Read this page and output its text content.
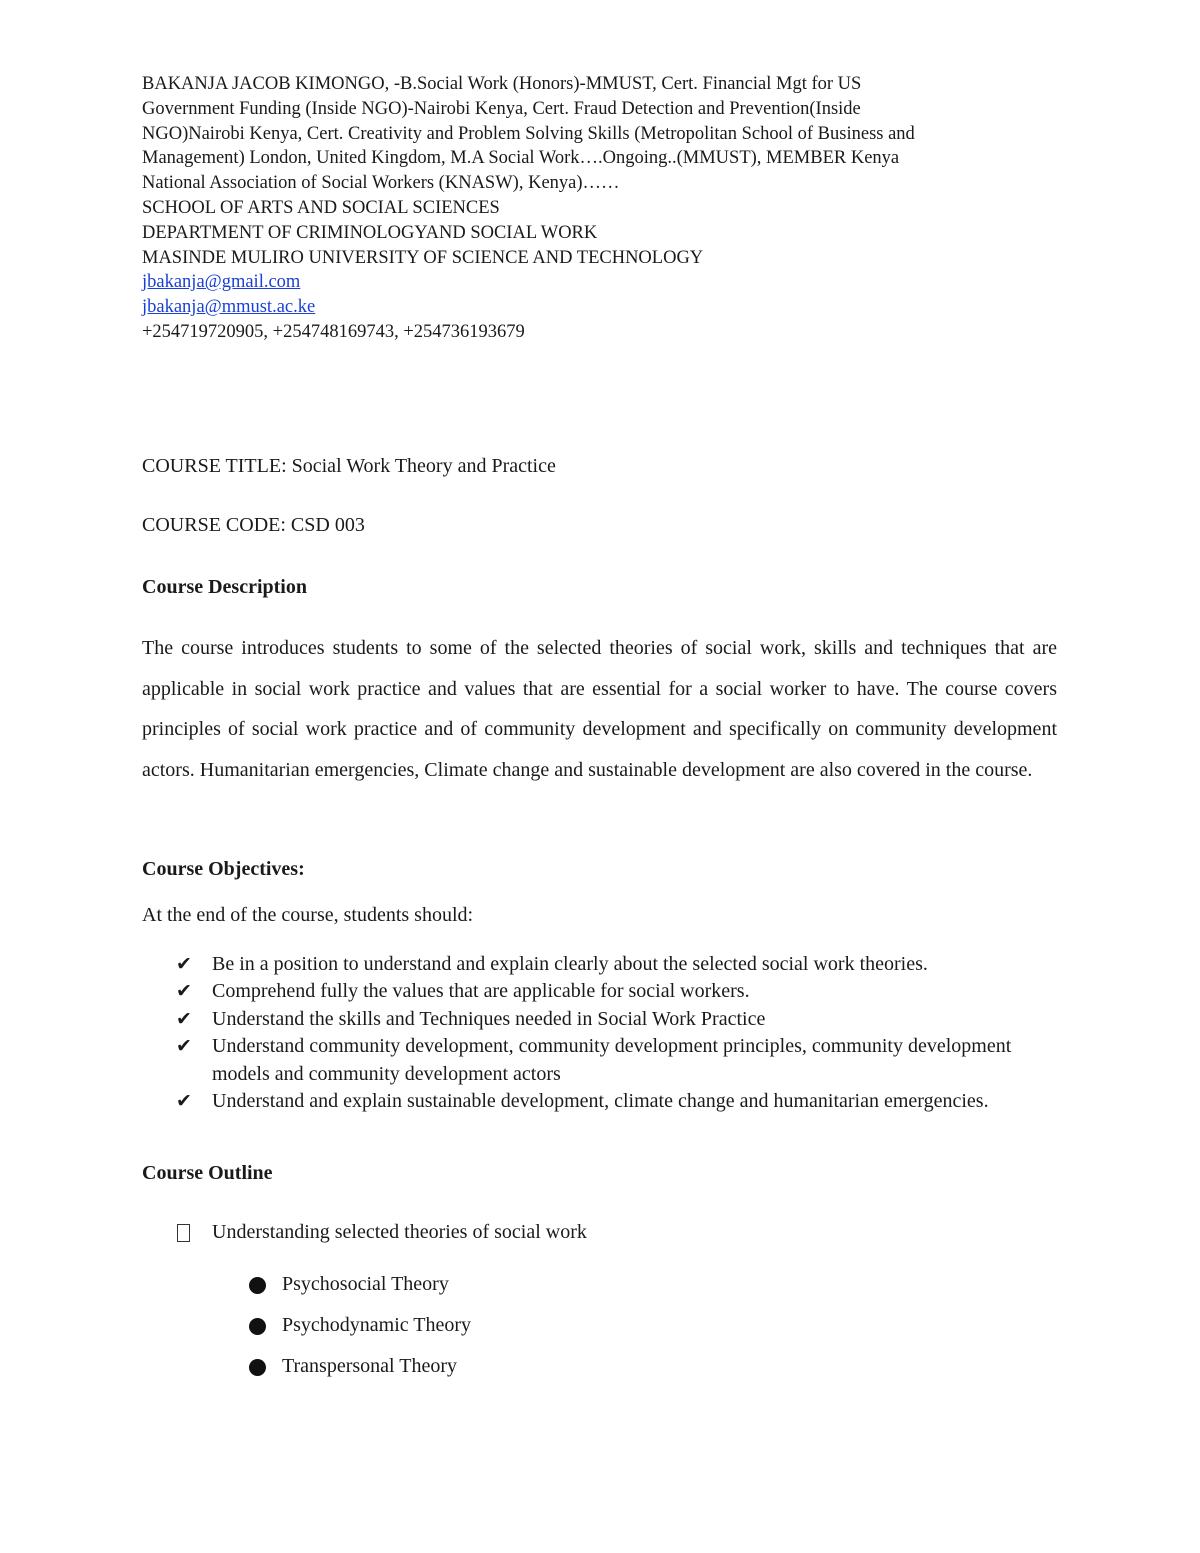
BAKANJA JACOB KIMONGO, -B.Social Work (Honors)-MMUST, Cert. Financial Mgt for US
Government Funding (Inside NGO)-Nairobi Kenya, Cert. Fraud Detection and Prevention(Inside
NGO)Nairobi Kenya, Cert. Creativity and Problem Solving Skills (Metropolitan School of Business and
Management) London, United Kingdom, M.A Social Work….Ongoing..(MMUST), MEMBER Kenya
National Association of Social Workers (KNASW), Kenya)……
SCHOOL OF ARTS AND SOCIAL SCIENCES
DEPARTMENT OF CRIMINOLOGYAND SOCIAL WORK
MASINDE MULIRO UNIVERSITY OF SCIENCE AND TECHNOLOGY
jbakanja@gmail.com
jbakanja@mmust.ac.ke
+254719720905, +254748169743, +254736193679
COURSE TITLE: Social Work Theory and Practice
COURSE CODE: CSD 003
Course Description

The course introduces students to some of the selected theories of social work, skills and techniques that are applicable in social work practice and values that are essential for a social worker to have. The course covers principles of social work practice and of community development and specifically on community development actors. Humanitarian emergencies, Climate change and sustainable development are also covered in the course.

Course Objectives:
At the end of the course, students should:
✔ Be in a position to understand and explain clearly about the selected social work theories.
✔ Comprehend fully the values that are applicable for social workers.
✔ Understand the skills and Techniques needed in Social Work Practice
✔ Understand community development, community development principles, community development models and community development actors
✔ Understand and explain sustainable development, climate change and humanitarian emergencies.
Course Outline
Understanding selected theories of social work
Psychosocial Theory
Psychodynamic Theory
Transpersonal Theory
